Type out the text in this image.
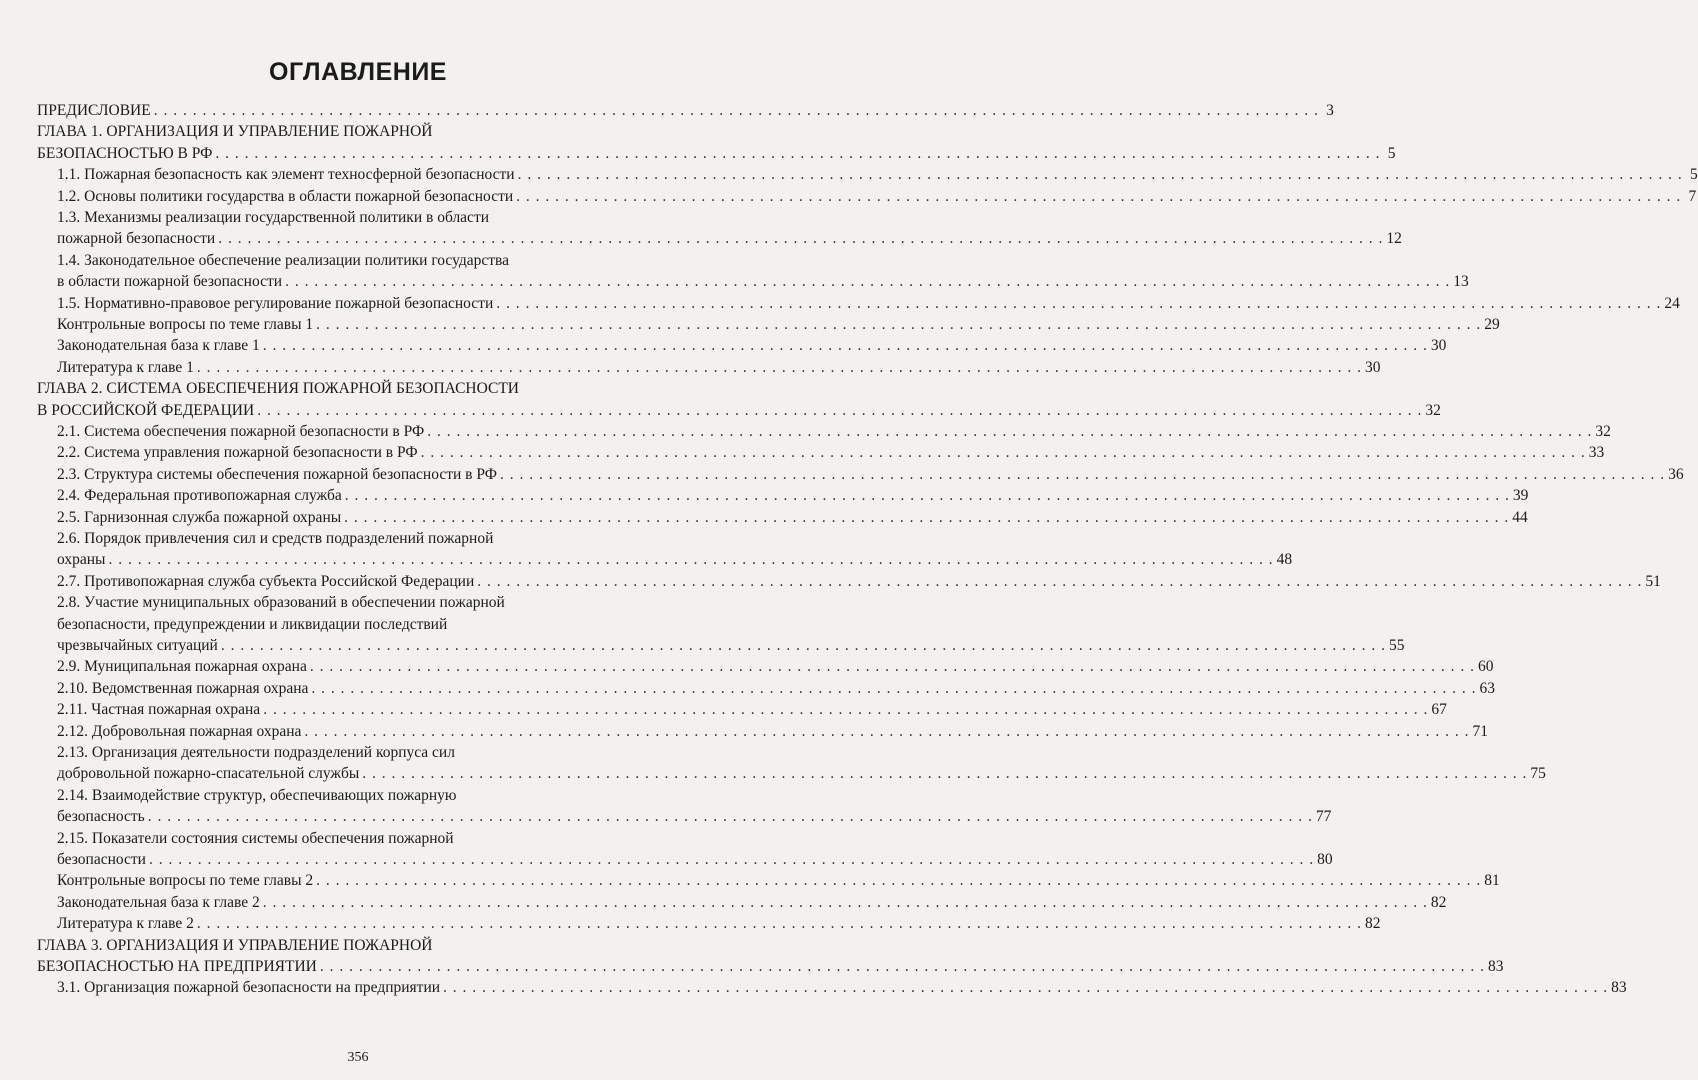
ОГЛАВЛЕНИЕ
ПРЕДИСЛОВИЕ . . . . . . . . . . . . . . . . . . . . . . . . . . . . . . . . . . . . . . . . . . . . . . . . . . . . . . . . . . . . . . . . . . . . . . . . . . . . . . . . . . . . . . . . . . . . . . . . . . . . . . . . . . . . . . . . . . . . . . . . 3
ГЛАВА 1. ОРГАНИЗАЦИЯ И УПРАВЛЕНИЕ ПОЖАРНОЙ
БЕЗОПАСНОСТЬЮ В РФ . . . . . . . . . . . . . . . . . . . . . . . . . . . . . . . . . . . . . . . . . . . . . . . . . . . . . . . . . . . . . . . . . . . . . . . . . . . . . . . . . . . . . . . . . . . . . . . . . . . . . . . . . . . . . . . . . . . . . . . . 5
1.1. Пожарная безопасность как элемент техносферной безопасности . . . . . . . . . . . . . . . . . . . . . . . . . . . . . . . . . . . . . . . . . . . . . . . . . . . . . . . . . . . . . . . . . . . . . . . . . . . . . . . . . . . . . . . . . . . . . . . . . . . . . . . . . . . . . . . . . . . . . . . . 5
1.2. Основы политики государства в области пожарной безопасности . . . . . . . . . . . . . . . . . . . . . . . . . . . . . . . . . . . . . . . . . . . . . . . . . . . . . . . . . . . . . . . . . . . . . . . . . . . . . . . . . . . . . . . . . . . . . . . . . . . . . . . . . . . . . . . . . . . . . . . . 7
1.3. Механизмы реализации государственной политики в области
пожарной безопасности . . . . . . . . . . . . . . . . . . . . . . . . . . . . . . . . . . . . . . . . . . . . . . . . . . . . . . . . . . . . . . . . . . . . . . . . . . . . . . . . . . . . . . . . . . . . . . . . . . . . . . . . . . . . . . . . . . . . . . . . 12
1.4. Законодательное обеспечение реализации политики государства
в области пожарной безопасности . . . . . . . . . . . . . . . . . . . . . . . . . . . . . . . . . . . . . . . . . . . . . . . . . . . . . . . . . . . . . . . . . . . . . . . . . . . . . . . . . . . . . . . . . . . . . . . . . . . . . . . . . . . . . . . . . . . . . . . . 13
1.5. Нормативно-правовое регулирование пожарной безопасности . . . . . . . . . . . . . . . . . . . . . . . . . . . . . . . . . . . . . . . . . . . . . . . . . . . . . . . . . . . . . . . . . . . . . . . . . . . . . . . . . . . . . . . . . . . . . . . . . . . . . . . . . . . . . . . . . . . . . . . . 24
Контрольные вопросы по теме главы 1 . . . . . . . . . . . . . . . . . . . . . . . . . . . . . . . . . . . . . . . . . . . . . . . . . . . . . . . . . . . . . . . . . . . . . . . . . . . . . . . . . . . . . . . . . . . . . . . . . . . . . . . . . . . . . . . . . . . . . . . . 29
Законодательная база к главе 1 . . . . . . . . . . . . . . . . . . . . . . . . . . . . . . . . . . . . . . . . . . . . . . . . . . . . . . . . . . . . . . . . . . . . . . . . . . . . . . . . . . . . . . . . . . . . . . . . . . . . . . . . . . . . . . . . . . . . . . . . 30
Литература к главе 1 . . . . . . . . . . . . . . . . . . . . . . . . . . . . . . . . . . . . . . . . . . . . . . . . . . . . . . . . . . . . . . . . . . . . . . . . . . . . . . . . . . . . . . . . . . . . . . . . . . . . . . . . . . . . . . . . . . . . . . . . 30
ГЛАВА 2. СИСТЕМА ОБЕСПЕЧЕНИЯ ПОЖАРНОЙ БЕЗОПАСНОСТИ
В РОССИЙСКОЙ ФЕДЕРАЦИИ . . . . . . . . . . . . . . . . . . . . . . . . . . . . . . . . . . . . . . . . . . . . . . . . . . . . . . . . . . . . . . . . . . . . . . . . . . . . . . . . . . . . . . . . . . . . . . . . . . . . . . . . . . . . . . . . . . . . . . . . 32
2.1. Система обеспечения пожарной безопасности в РФ . . . . . . . . . . . . . . . . . . . . . . . . . . . . . . . . . . . . . . . . . . . . . . . . . . . . . . . . . . . . . . . . . . . . . . . . . . . . . . . . . . . . . . . . . . . . . . . . . . . . . . . . . . . . . . . . . . . . . . . . 32
2.2. Система управления пожарной безопасности в РФ . . . . . . . . . . . . . . . . . . . . . . . . . . . . . . . . . . . . . . . . . . . . . . . . . . . . . . . . . . . . . . . . . . . . . . . . . . . . . . . . . . . . . . . . . . . . . . . . . . . . . . . . . . . . . . . . . . . . . . . . 33
2.3. Структура системы обеспечения пожарной безопасности в РФ . . . . . . . . . . . . . . . . . . . . . . . . . . . . . . . . . . . . . . . . . . . . . . . . . . . . . . . . . . . . . . . . . . . . . . . . . . . . . . . . . . . . . . . . . . . . . . . . . . . . . . . . . . . . . . . . . . . . . . . . 36
2.4. Федеральная противопожарная служба . . . . . . . . . . . . . . . . . . . . . . . . . . . . . . . . . . . . . . . . . . . . . . . . . . . . . . . . . . . . . . . . . . . . . . . . . . . . . . . . . . . . . . . . . . . . . . . . . . . . . . . . . . . . . . . . . . . . . . . . 39
2.5. Гарнизонная служба пожарной охраны . . . . . . . . . . . . . . . . . . . . . . . . . . . . . . . . . . . . . . . . . . . . . . . . . . . . . . . . . . . . . . . . . . . . . . . . . . . . . . . . . . . . . . . . . . . . . . . . . . . . . . . . . . . . . . . . . . . . . . . . 44
2.6. Порядок привлечения сил и средств подразделений пожарной
охраны . . . . . . . . . . . . . . . . . . . . . . . . . . . . . . . . . . . . . . . . . . . . . . . . . . . . . . . . . . . . . . . . . . . . . . . . . . . . . . . . . . . . . . . . . . . . . . . . . . . . . . . . . . . . . . . . . . . . . . . . 48
2.7. Противопожарная служба субъекта Российской Федерации . . . . . . . . . . . . . . . . . . . . . . . . . . . . . . . . . . . . . . . . . . . . . . . . . . . . . . . . . . . . . . . . . . . . . . . . . . . . . . . . . . . . . . . . . . . . . . . . . . . . . . . . . . . . . . . . . . . . . . . . 51
2.8. Участие муниципальных образований в обеспечении пожарной
безопасности, предупреждении и ликвидации последствий
чрезвычайных ситуаций . . . . . . . . . . . . . . . . . . . . . . . . . . . . . . . . . . . . . . . . . . . . . . . . . . . . . . . . . . . . . . . . . . . . . . . . . . . . . . . . . . . . . . . . . . . . . . . . . . . . . . . . . . . . . . . . . . . . . . . . 55
2.9. Муниципальная пожарная охрана . . . . . . . . . . . . . . . . . . . . . . . . . . . . . . . . . . . . . . . . . . . . . . . . . . . . . . . . . . . . . . . . . . . . . . . . . . . . . . . . . . . . . . . . . . . . . . . . . . . . . . . . . . . . . . . . . . . . . . . . 60
2.10. Ведомственная пожарная охрана . . . . . . . . . . . . . . . . . . . . . . . . . . . . . . . . . . . . . . . . . . . . . . . . . . . . . . . . . . . . . . . . . . . . . . . . . . . . . . . . . . . . . . . . . . . . . . . . . . . . . . . . . . . . . . . . . . . . . . . . 63
2.11. Частная пожарная охрана . . . . . . . . . . . . . . . . . . . . . . . . . . . . . . . . . . . . . . . . . . . . . . . . . . . . . . . . . . . . . . . . . . . . . . . . . . . . . . . . . . . . . . . . . . . . . . . . . . . . . . . . . . . . . . . . . . . . . . . . 67
2.12. Добровольная пожарная охрана . . . . . . . . . . . . . . . . . . . . . . . . . . . . . . . . . . . . . . . . . . . . . . . . . . . . . . . . . . . . . . . . . . . . . . . . . . . . . . . . . . . . . . . . . . . . . . . . . . . . . . . . . . . . . . . . . . . . . . . . 71
2.13. Организация деятельности подразделений корпуса сил
добровольной пожарно-спасательной службы . . . . . . . . . . . . . . . . . . . . . . . . . . . . . . . . . . . . . . . . . . . . . . . . . . . . . . . . . . . . . . . . . . . . . . . . . . . . . . . . . . . . . . . . . . . . . . . . . . . . . . . . . . . . . . . . . . . . . . . . 75
2.14. Взаимодействие структур, обеспечивающих пожарную
безопасность . . . . . . . . . . . . . . . . . . . . . . . . . . . . . . . . . . . . . . . . . . . . . . . . . . . . . . . . . . . . . . . . . . . . . . . . . . . . . . . . . . . . . . . . . . . . . . . . . . . . . . . . . . . . . . . . . . . . . . . . 77
2.15. Показатели состояния системы обеспечения пожарной
безопасности . . . . . . . . . . . . . . . . . . . . . . . . . . . . . . . . . . . . . . . . . . . . . . . . . . . . . . . . . . . . . . . . . . . . . . . . . . . . . . . . . . . . . . . . . . . . . . . . . . . . . . . . . . . . . . . . . . . . . . . . 80
Контрольные вопросы по теме главы 2 . . . . . . . . . . . . . . . . . . . . . . . . . . . . . . . . . . . . . . . . . . . . . . . . . . . . . . . . . . . . . . . . . . . . . . . . . . . . . . . . . . . . . . . . . . . . . . . . . . . . . . . . . . . . . . . . . . . . . . . . 81
Законодательная база к главе 2 . . . . . . . . . . . . . . . . . . . . . . . . . . . . . . . . . . . . . . . . . . . . . . . . . . . . . . . . . . . . . . . . . . . . . . . . . . . . . . . . . . . . . . . . . . . . . . . . . . . . . . . . . . . . . . . . . . . . . . . . 82
Литература к главе 2 . . . . . . . . . . . . . . . . . . . . . . . . . . . . . . . . . . . . . . . . . . . . . . . . . . . . . . . . . . . . . . . . . . . . . . . . . . . . . . . . . . . . . . . . . . . . . . . . . . . . . . . . . . . . . . . . . . . . . . . . 82
ГЛАВА 3. ОРГАНИЗАЦИЯ И УПРАВЛЕНИЕ ПОЖАРНОЙ
БЕЗОПАСНОСТЬЮ НА ПРЕДПРИЯТИИ . . . . . . . . . . . . . . . . . . . . . . . . . . . . . . . . . . . . . . . . . . . . . . . . . . . . . . . . . . . . . . . . . . . . . . . . . . . . . . . . . . . . . . . . . . . . . . . . . . . . . . . . . . . . . . . . . . . . . . . . 83
3.1. Организация пожарной безопасности на предприятии . . . . . . . . . . . . . . . . . . . . . . . . . . . . . . . . . . . . . . . . . . . . . . . . . . . . . . . . . . . . . . . . . . . . . . . . . . . . . . . . . . . . . . . . . . . . . . . . . . . . . . . . . . . . . . . . . . . . . . . . 83
356
